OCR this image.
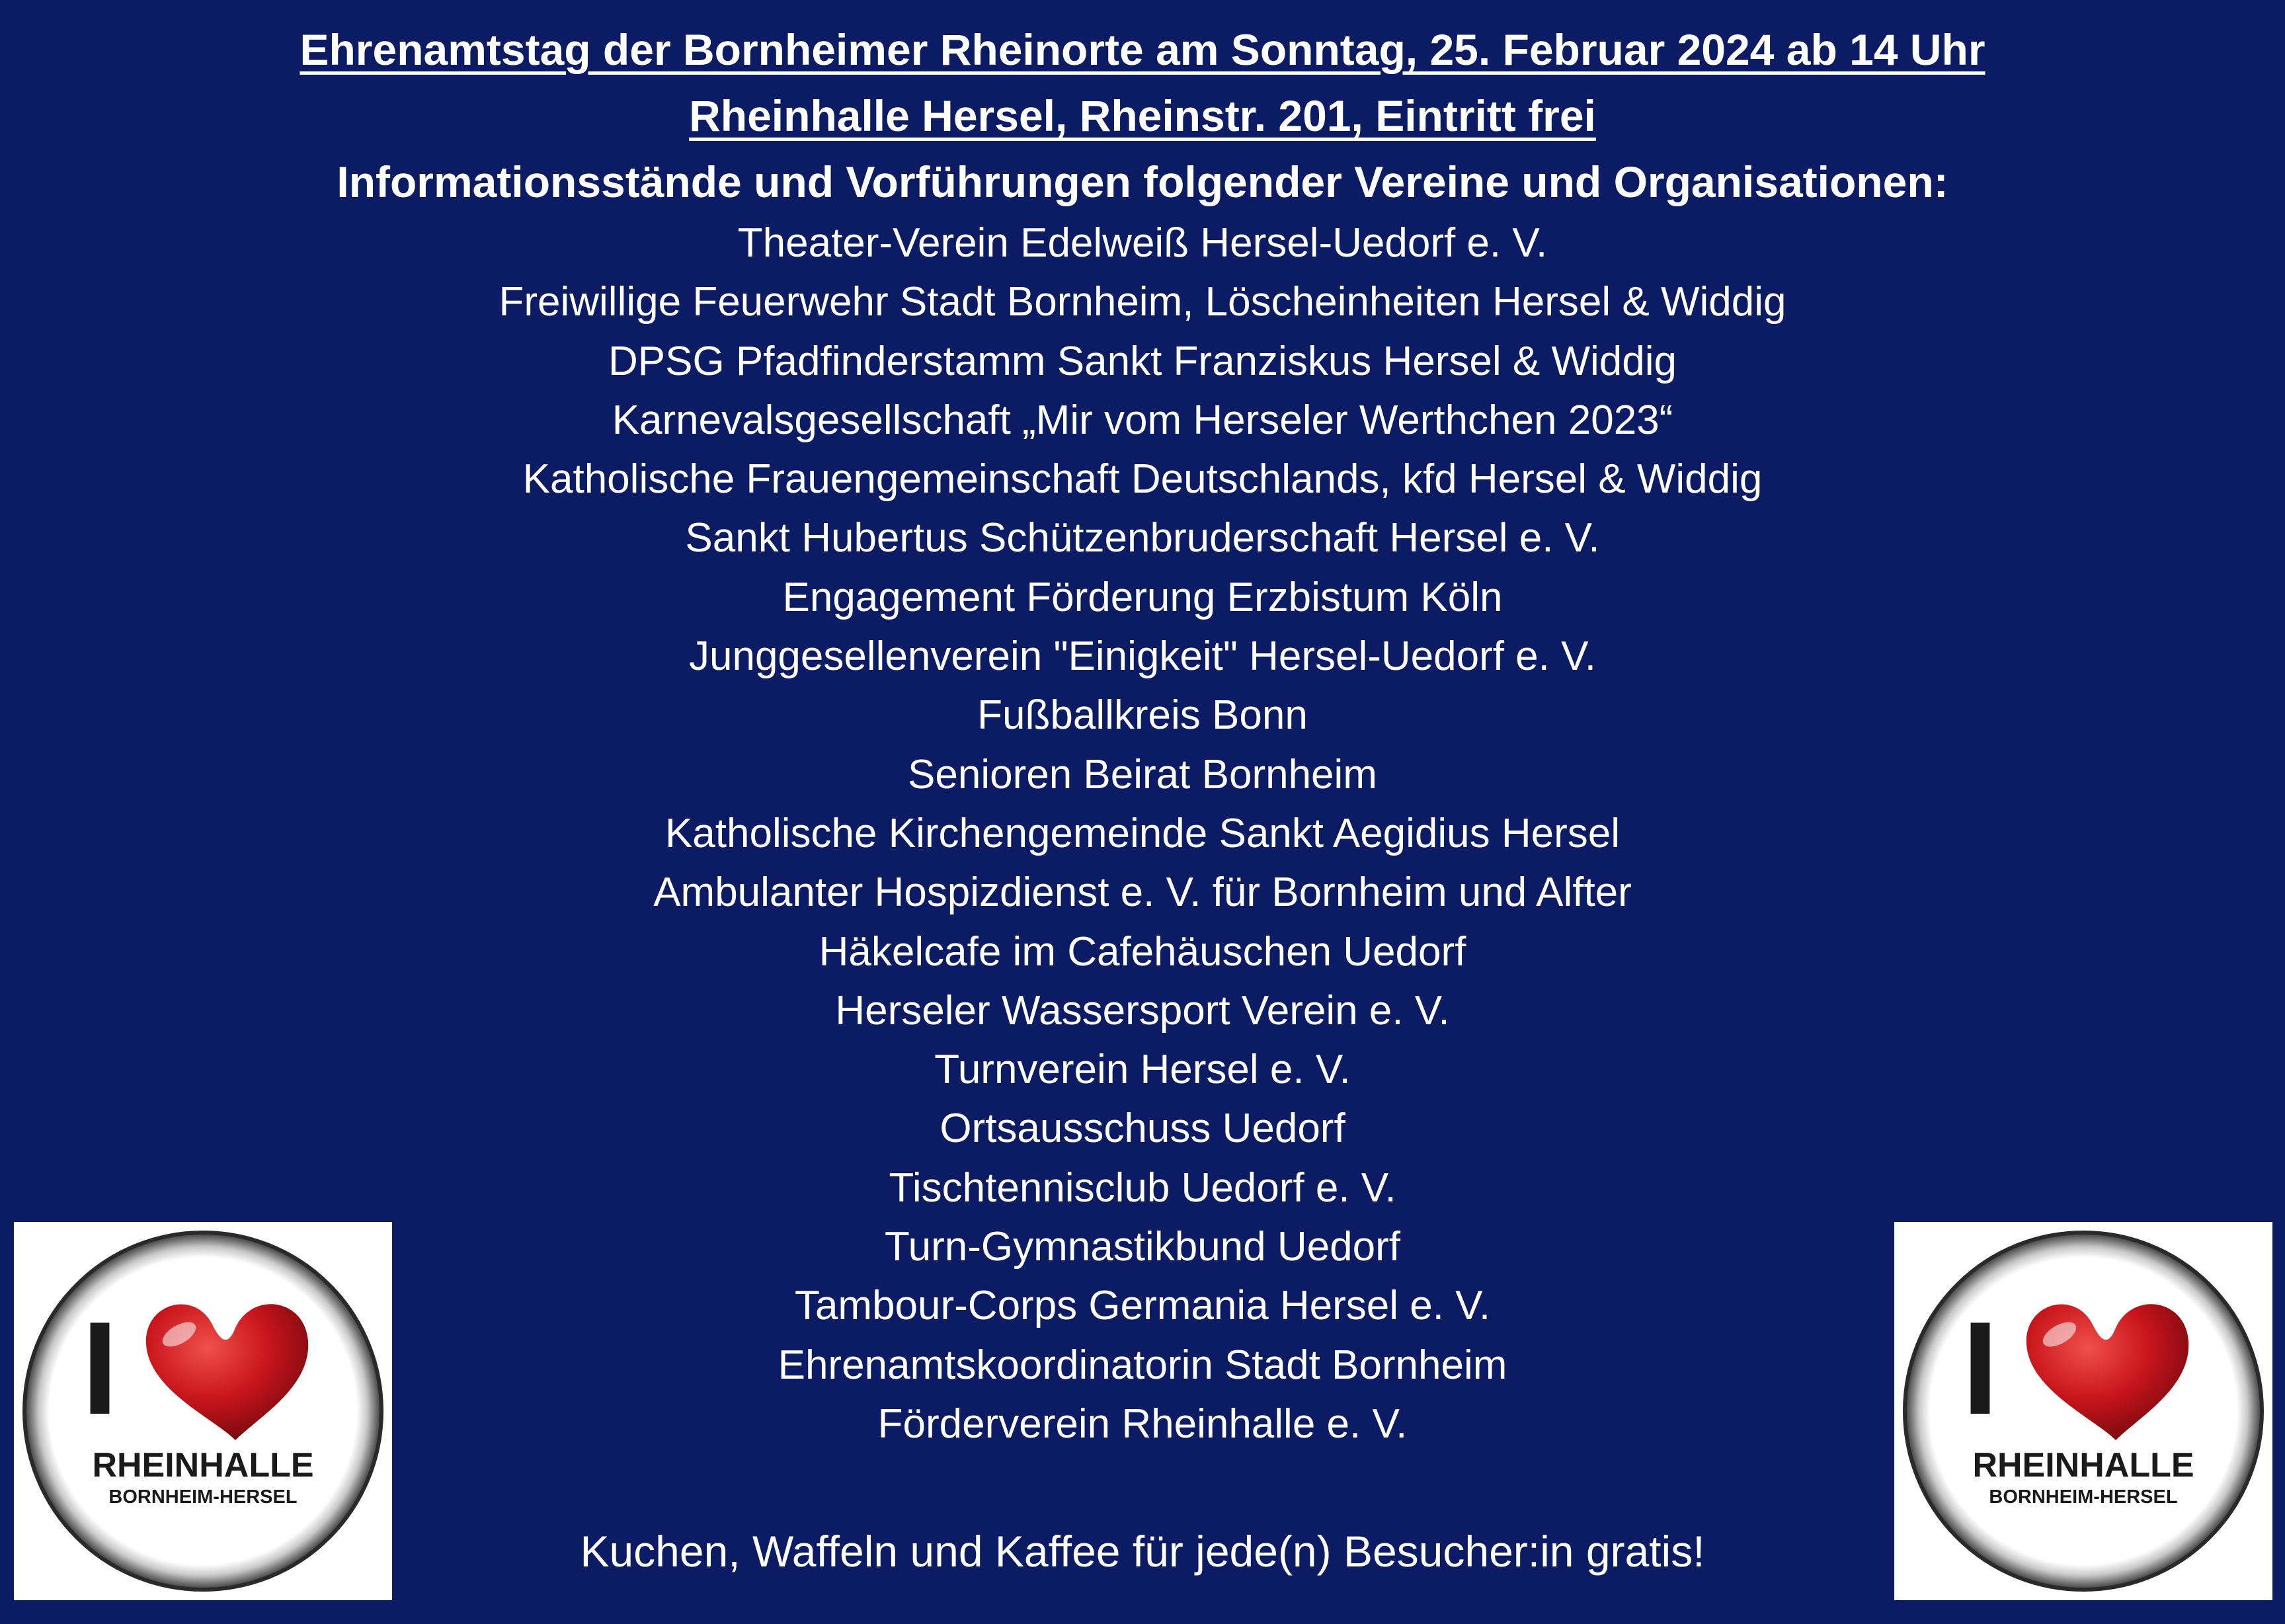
Ehrenamtstag der Bornheimer Rheinorte am Sonntag, 25. Februar 2024 ab 14 Uhr
Rheinhalle Hersel, Rheinstr. 201, Eintritt frei
Informationsstände und Vorführungen folgender Vereine und Organisationen:
Theater-Verein Edelweiß Hersel-Uedorf e. V.
Freiwillige Feuerwehr Stadt Bornheim, Löscheinheiten Hersel & Widdig
DPSG Pfadfinderstamm Sankt Franziskus Hersel & Widdig
Karnevalsgesellschaft „Mir vom Herseler Werthchen 2023“
Katholische Frauengemeinschaft Deutschlands, kfd Hersel & Widdig
Sankt Hubertus Schützenbruderschaft Hersel e. V.
Engagement Förderung Erzbistum Köln
Junggesellenverein "Einigkeit" Hersel-Uedorf e. V.
Fußballkreis Bonn
Senioren Beirat Bornheim
Katholische Kirchengemeinde Sankt Aegidius Hersel
Ambulanter Hospizdienst e. V. für Bornheim und Alfter
Häkelcafe im Cafehäuschen Uedorf
Herseler Wassersport Verein e. V.
Turnverein Hersel e. V.
Ortsausschuss Uedorf
Tischtennisclub Uedorf e. V.
Turn-Gymnastikbund Uedorf
Tambour-Corps Germania Hersel e. V.
Ehrenamtskoordinatorin Stadt Bornheim
Förderverein Rheinhalle e. V.
Kuchen, Waffeln und Kaffee für jede(n) Besucher:in gratis!
I
RHEINHALLE
BORNHEIM-HERSEL
I
RHEINHALLE
BORNHEIM-HERSEL
